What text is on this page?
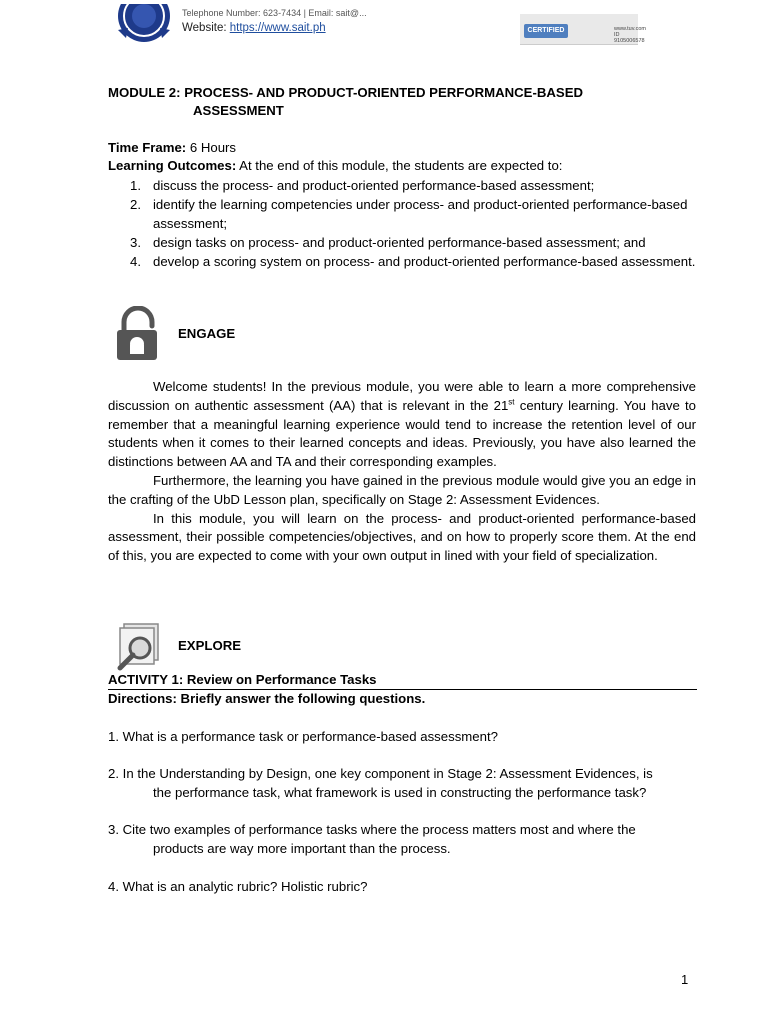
Telephone Number: 623-7434 | Email: sait@...
Website: https://www.sait.ph	CERTIFIED	www.tuv.com ID 9105006578
MODULE 2: PROCESS- AND PRODUCT-ORIENTED PERFORMANCE-BASED
ASSESSMENT
Time Frame: 6 Hours
Learning Outcomes: At the end of this module, the students are expected to:
1. discuss the process- and product-oriented performance-based assessment;
2. identify the learning competencies under process- and product-oriented performance-based assessment;
3. design tasks on process- and product-oriented performance-based assessment; and
4. develop a scoring system on process- and product-oriented performance-based assessment.
ENGAGE

Welcome students! In the previous module, you were able to learn a more comprehensive discussion on authentic assessment (AA) that is relevant in the 21st century learning. You have to remember that a meaningful learning experience would tend to increase the retention level of our students when it comes to their learned concepts and ideas. Previously, you have also learned the distinctions between AA and TA and their corresponding examples.

Furthermore, the learning you have gained in the previous module would give you an edge in the crafting of the UbD Lesson plan, specifically on Stage 2: Assessment Evidences.

In this module, you will learn on the process- and product-oriented performance-based assessment, their possible competencies/objectives, and on how to properly score them. At the end of this, you are expected to come with your own output in lined with your field of specialization.

EXPLORE
ACTIVITY 1: Review on Performance Tasks
Directions: Briefly answer the following questions.
1. What is a performance task or performance-based assessment?
2. In the Understanding by Design, one key component in Stage 2: Assessment Evidences, is
the performance task, what framework is used in constructing the performance task?
3. Cite two examples of performance tasks where the process matters most and where the
products are way more important than the process.
4. What is an analytic rubric? Holistic rubric?
1
